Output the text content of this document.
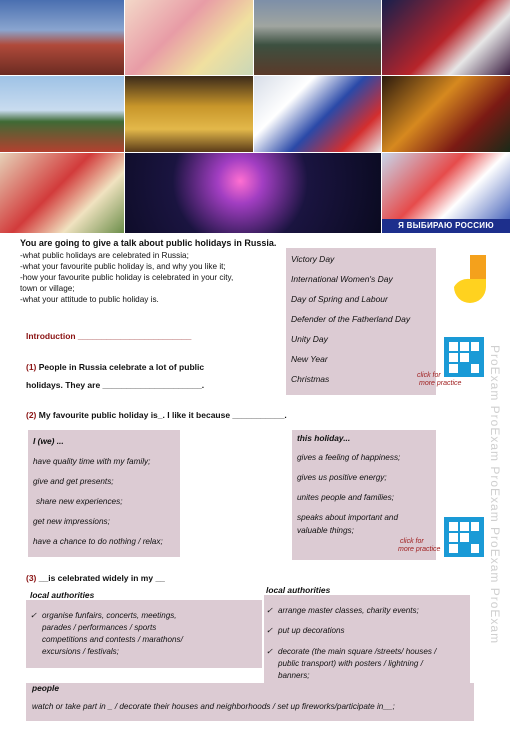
Я ВЫБИРАЮ РОССИЮ СИЛЬНУЮ
You are going to give a talk about public holidays in Russia.
-what public holidays are celebrated in Russia;
-what your favourite public holiday is, and why you like it;
-how your favourite public holiday is celebrated in your city,
town or village;
-what your attitude to public holiday is.
Victory Day
International Women's Day
Day of Spring and Labour
Defender of the Fatherland Day
Unity Day
New Year
Christmas	click for
more practice
Introduction ________________________
(1) People in Russia celebrate a lot of public
holidays. They are _____________________.
(2) My favourite public holiday is_. I like it because ___________.
I (we) ...
have quality time with my family;
give and get presents;
share new experiences;
get new impressions;
have a chance to do nothing / relax;
this holiday...
gives a feeling of happiness;
gives us positive energy;
unites people and families;
speaks about important and
valuable things;
click for
more practice
(3) __is celebrated widely in my __
local authorities
✓ organise funfairs, concerts, meetings,
parades / performances / sports
competitions and contests / marathons/
excursions / festivals;
local authorities
✓ arrange master classes, charity events;
✓ put up decorations
✓ decorate (the main square /streets/ houses /
public transport) with posters / lightning /
banners;
people
watch or take part in _ / decorate their houses and neighborhoods / set up fireworks/participate in__;
ProExam ProExam ProExam ProExam ProExam
